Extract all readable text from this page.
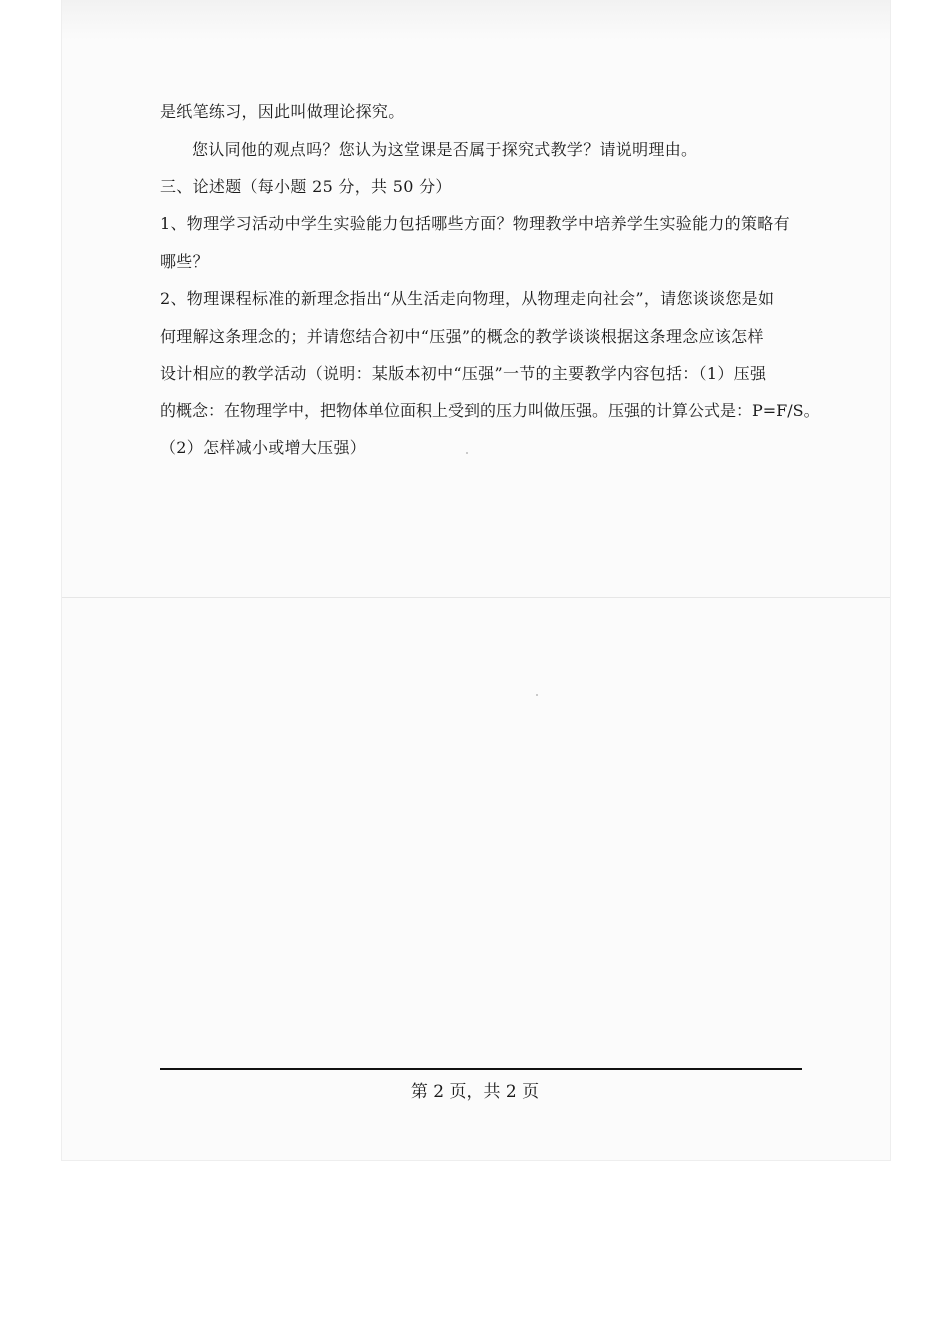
是纸笔练习，因此叫做理论探究。
您认同他的观点吗？您认为这堂课是否属于探究式教学？请说明理由。
三、论述题（每小题 25 分，共 50 分）
1、物理学习活动中学生实验能力包括哪些方面？物理教学中培养学生实验能力的策略有
哪些？
2、物理课程标准的新理念指出“从生活走向物理，从物理走向社会”，请您谈谈您是如
何理解这条理念的；并请您结合初中“压强”的概念的教学谈谈根据这条理念应该怎样
设计相应的教学活动（说明：某版本初中“压强”一节的主要教学内容包括：（1）压强
的概念：在物理学中，把物体单位面积上受到的压力叫做压强。压强的计算公式是：P=F/S。
（2）怎样减小或增大压强）
第 2 页，共 2 页
